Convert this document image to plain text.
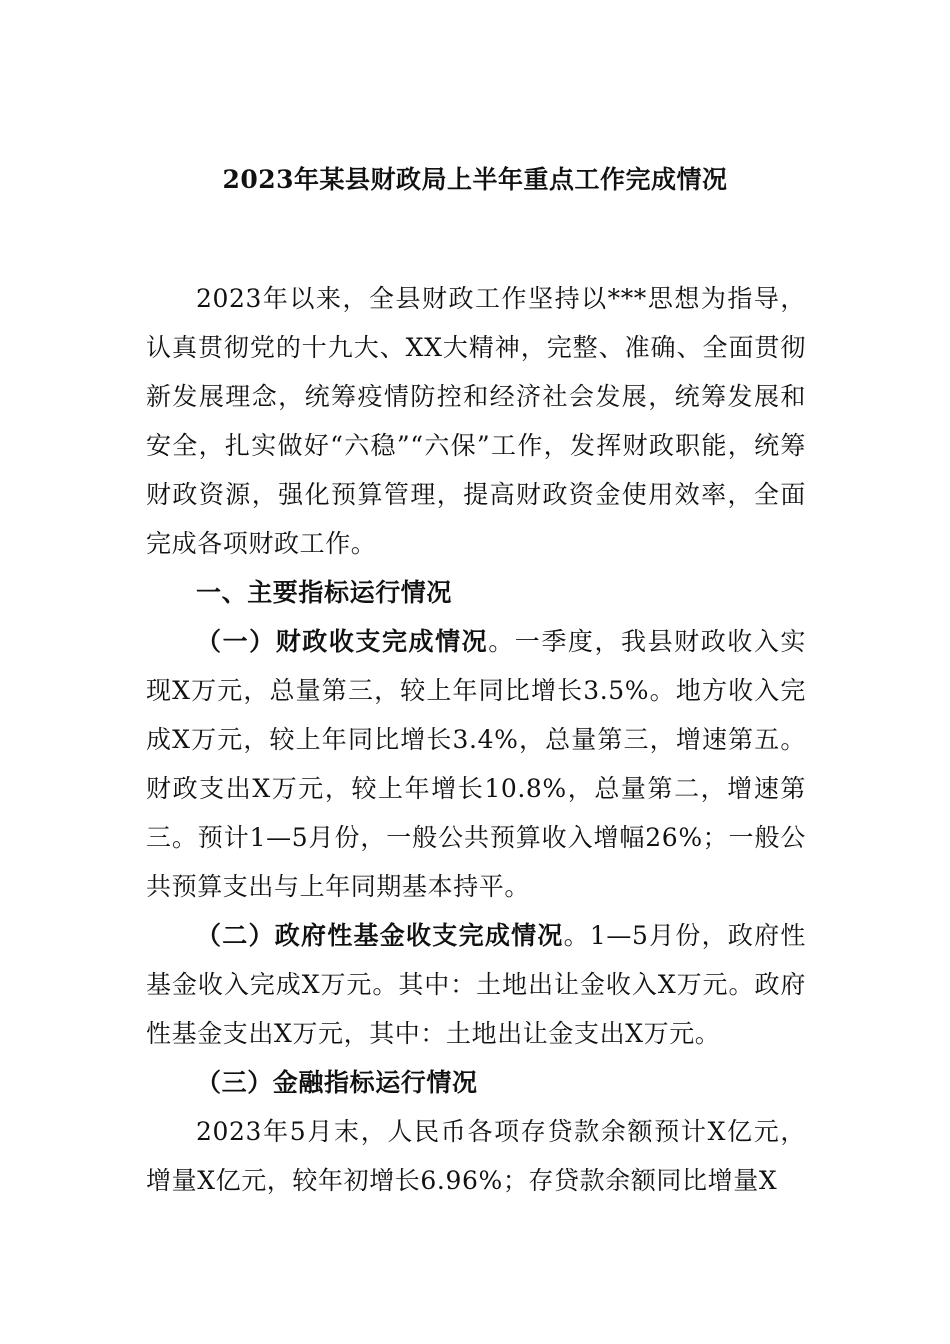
2023年某县财政局上半年重点工作完成情况

2023年以来，全县财政工作坚持以***思想为指导，认真贯彻党的十九大、XX大精神，完整、准确、全面贯彻新发展理念，统筹疫情防控和经济社会发展，统筹发展和安全，扎实做好“六稳”“六保”工作，发挥财政职能，统筹财政资源，强化预算管理，提高财政资金使用效率，全面完成各项财政工作。

一、主要指标运行情况

（一）财政收支完成情况。一季度，我县财政收入实现X万元，总量第三，较上年同比增长3.5%。地方收入完成X万元，较上年同比增长3.4%，总量第三，增速第五。财政支出X万元，较上年增长10.8%，总量第二，增速第三。预计1—5月份，一般公共预算收入增幅26%；一般公共预算支出与上年同期基本持平。

（二）政府性基金收支完成情况。1—5月份，政府性基金收入完成X万元。其中：土地出让金收入X万元。政府性基金支出X万元，其中：土地出让金支出X万元。

（三）金融指标运行情况

2023年5月末，人民币各项存贷款余额预计X亿元，增量X亿元，较年初增长6.96%；存贷款余额同比增量X
